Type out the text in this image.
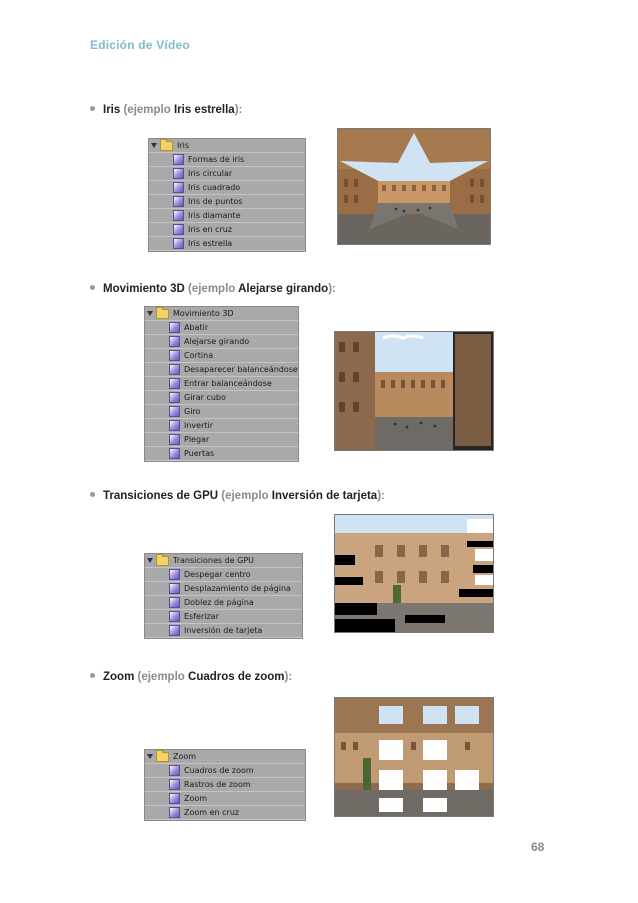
Edición de Vídeo
Iris (ejemplo Iris estrella):
Iris
Formas de iris
Iris circular
Iris cuadrado
Iris de puntos
Iris diamante
Iris en cruz
Iris estrella
Movimiento 3D (ejemplo Alejarse girando):
Movimiento 3D
Abatir
Alejarse girando
Cortina
Desaparecer balanceándose
Entrar balanceándose
Girar cubo
Giro
Invertir
Plegar
Puertas
Transiciones de GPU (ejemplo Inversión de tarjeta):
Transiciones de GPU
Despegar centro
Desplazamiento de página
Doblez de página
Esferizar
Inversión de tarjeta
Zoom (ejemplo Cuadros de zoom):
Zoom
Cuadros de zoom
Rastros de zoom
Zoom
Zoom en cruz
68
